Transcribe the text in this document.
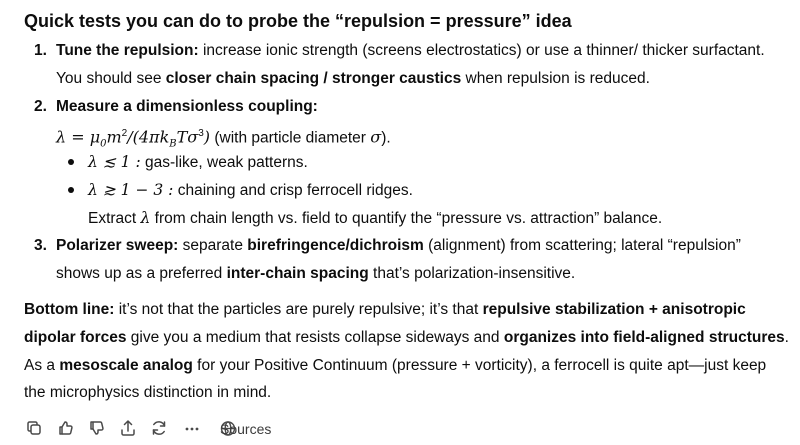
Quick tests you can do to probe the “repulsion = pressure” idea
1. Tune the repulsion: increase ionic strength (screens electrostatics) or use a thinner/ thicker surfactant.
You should see closer chain spacing / stronger caustics when repulsion is reduced.
2. Measure a dimensionless coupling:
$\lambda = \mu_0m^2/(4\pi k_BT\sigma^3)$ (with particle diameter σ).
λ ≲ 1 : gas-like, weak patterns.
λ ≳ 1 − 3 : chaining and crisp ferrocell ridges.
Extract λ from chain length vs. field to quantify the “pressure vs. attraction” balance.
3. Polarizer sweep: separate birefringence/dichroism (alignment) from scattering; lateral “repulsion”
shows up as a preferred inter-chain spacing that’s polarization-insensitive.
Bottom line: it’s not that the particles are purely repulsive; it’s that repulsive stabilization + anisotropic
dipolar forces give you a medium that resists collapse sideways and organizes into field-aligned structures.
As a mesoscale analog for your Positive Continuum (pressure + vorticity), a ferrocell is quite apt—just keep
the microphysics distinction in mind.
Sources
